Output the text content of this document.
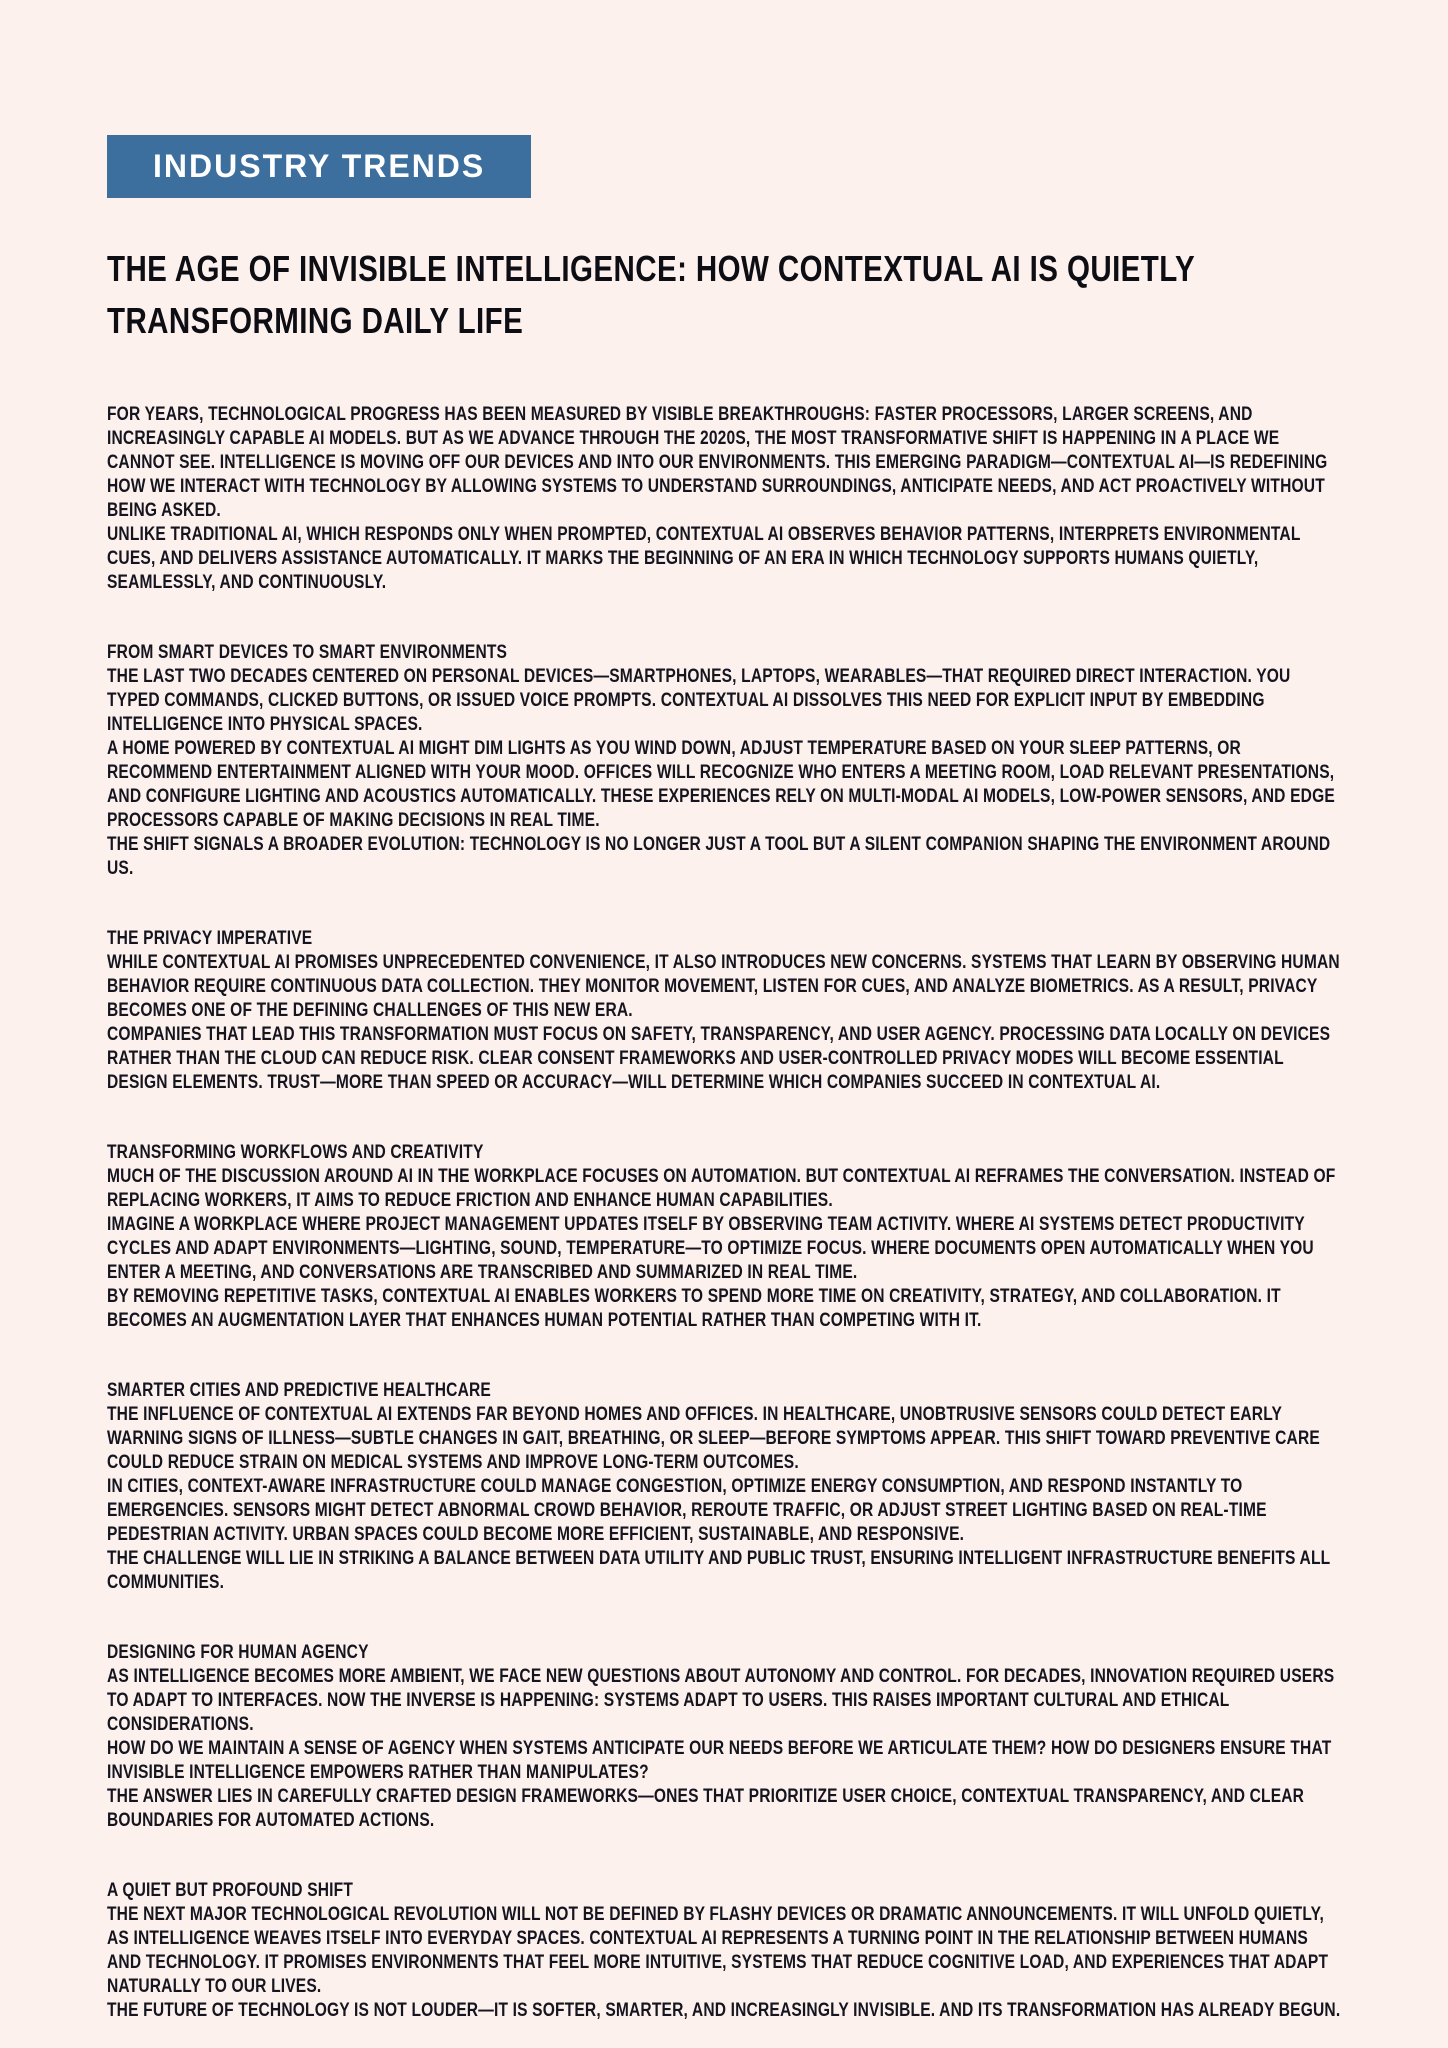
INDUSTRY TRENDS
THE AGE OF INVISIBLE INTELLIGENCE: HOW CONTEXTUAL AI IS QUIETLY TRANSFORMING DAILY LIFE

FOR YEARS, TECHNOLOGICAL PROGRESS HAS BEEN MEASURED BY VISIBLE BREAKTHROUGHS: FASTER PROCESSORS, LARGER SCREENS, AND INCREASINGLY CAPABLE AI MODELS. BUT AS WE ADVANCE THROUGH THE 2020S, THE MOST TRANSFORMATIVE SHIFT IS HAPPENING IN A PLACE WE CANNOT SEE. INTELLIGENCE IS MOVING OFF OUR DEVICES AND INTO OUR ENVIRONMENTS. THIS EMERGING PARADIGM—CONTEXTUAL AI—IS REDEFINING HOW WE INTERACT WITH TECHNOLOGY BY ALLOWING SYSTEMS TO UNDERSTAND SURROUNDINGS, ANTICIPATE NEEDS, AND ACT PROACTIVELY WITHOUT BEING ASKED.

UNLIKE TRADITIONAL AI, WHICH RESPONDS ONLY WHEN PROMPTED, CONTEXTUAL AI OBSERVES BEHAVIOR PATTERNS, INTERPRETS ENVIRONMENTAL CUES, AND DELIVERS ASSISTANCE AUTOMATICALLY. IT MARKS THE BEGINNING OF AN ERA IN WHICH TECHNOLOGY SUPPORTS HUMANS QUIETLY, SEAMLESSLY, AND CONTINUOUSLY.

FROM SMART DEVICES TO SMART ENVIRONMENTS

THE LAST TWO DECADES CENTERED ON PERSONAL DEVICES—SMARTPHONES, LAPTOPS, WEARABLES—THAT REQUIRED DIRECT INTERACTION. YOU TYPED COMMANDS, CLICKED BUTTONS, OR ISSUED VOICE PROMPTS. CONTEXTUAL AI DISSOLVES THIS NEED FOR EXPLICIT INPUT BY EMBEDDING INTELLIGENCE INTO PHYSICAL SPACES.

A HOME POWERED BY CONTEXTUAL AI MIGHT DIM LIGHTS AS YOU WIND DOWN, ADJUST TEMPERATURE BASED ON YOUR SLEEP PATTERNS, OR RECOMMEND ENTERTAINMENT ALIGNED WITH YOUR MOOD. OFFICES WILL RECOGNIZE WHO ENTERS A MEETING ROOM, LOAD RELEVANT PRESENTATIONS, AND CONFIGURE LIGHTING AND ACOUSTICS AUTOMATICALLY. THESE EXPERIENCES RELY ON MULTI-MODAL AI MODELS, LOW-POWER SENSORS, AND EDGE PROCESSORS CAPABLE OF MAKING DECISIONS IN REAL TIME.

THE SHIFT SIGNALS A BROADER EVOLUTION: TECHNOLOGY IS NO LONGER JUST A TOOL BUT A SILENT COMPANION SHAPING THE ENVIRONMENT AROUND US.

THE PRIVACY IMPERATIVE

WHILE CONTEXTUAL AI PROMISES UNPRECEDENTED CONVENIENCE, IT ALSO INTRODUCES NEW CONCERNS. SYSTEMS THAT LEARN BY OBSERVING HUMAN BEHAVIOR REQUIRE CONTINUOUS DATA COLLECTION. THEY MONITOR MOVEMENT, LISTEN FOR CUES, AND ANALYZE BIOMETRICS. AS A RESULT, PRIVACY BECOMES ONE OF THE DEFINING CHALLENGES OF THIS NEW ERA.

COMPANIES THAT LEAD THIS TRANSFORMATION MUST FOCUS ON SAFETY, TRANSPARENCY, AND USER AGENCY. PROCESSING DATA LOCALLY ON DEVICES RATHER THAN THE CLOUD CAN REDUCE RISK. CLEAR CONSENT FRAMEWORKS AND USER-CONTROLLED PRIVACY MODES WILL BECOME ESSENTIAL DESIGN ELEMENTS. TRUST—MORE THAN SPEED OR ACCURACY—WILL DETERMINE WHICH COMPANIES SUCCEED IN CONTEXTUAL AI.

TRANSFORMING WORKFLOWS AND CREATIVITY

MUCH OF THE DISCUSSION AROUND AI IN THE WORKPLACE FOCUSES ON AUTOMATION. BUT CONTEXTUAL AI REFRAMES THE CONVERSATION. INSTEAD OF REPLACING WORKERS, IT AIMS TO REDUCE FRICTION AND ENHANCE HUMAN CAPABILITIES.

IMAGINE A WORKPLACE WHERE PROJECT MANAGEMENT UPDATES ITSELF BY OBSERVING TEAM ACTIVITY. WHERE AI SYSTEMS DETECT PRODUCTIVITY CYCLES AND ADAPT ENVIRONMENTS—LIGHTING, SOUND, TEMPERATURE—TO OPTIMIZE FOCUS. WHERE DOCUMENTS OPEN AUTOMATICALLY WHEN YOU ENTER A MEETING, AND CONVERSATIONS ARE TRANSCRIBED AND SUMMARIZED IN REAL TIME.

BY REMOVING REPETITIVE TASKS, CONTEXTUAL AI ENABLES WORKERS TO SPEND MORE TIME ON CREATIVITY, STRATEGY, AND COLLABORATION. IT BECOMES AN AUGMENTATION LAYER THAT ENHANCES HUMAN POTENTIAL RATHER THAN COMPETING WITH IT.

SMARTER CITIES AND PREDICTIVE HEALTHCARE

THE INFLUENCE OF CONTEXTUAL AI EXTENDS FAR BEYOND HOMES AND OFFICES. IN HEALTHCARE, UNOBTRUSIVE SENSORS COULD DETECT EARLY WARNING SIGNS OF ILLNESS—SUBTLE CHANGES IN GAIT, BREATHING, OR SLEEP—BEFORE SYMPTOMS APPEAR. THIS SHIFT TOWARD PREVENTIVE CARE COULD REDUCE STRAIN ON MEDICAL SYSTEMS AND IMPROVE LONG-TERM OUTCOMES.

IN CITIES, CONTEXT-AWARE INFRASTRUCTURE COULD MANAGE CONGESTION, OPTIMIZE ENERGY CONSUMPTION, AND RESPOND INSTANTLY TO EMERGENCIES. SENSORS MIGHT DETECT ABNORMAL CROWD BEHAVIOR, REROUTE TRAFFIC, OR ADJUST STREET LIGHTING BASED ON REAL-TIME PEDESTRIAN ACTIVITY. URBAN SPACES COULD BECOME MORE EFFICIENT, SUSTAINABLE, AND RESPONSIVE.

THE CHALLENGE WILL LIE IN STRIKING A BALANCE BETWEEN DATA UTILITY AND PUBLIC TRUST, ENSURING INTELLIGENT INFRASTRUCTURE BENEFITS ALL COMMUNITIES.

DESIGNING FOR HUMAN AGENCY

AS INTELLIGENCE BECOMES MORE AMBIENT, WE FACE NEW QUESTIONS ABOUT AUTONOMY AND CONTROL. FOR DECADES, INNOVATION REQUIRED USERS TO ADAPT TO INTERFACES. NOW THE INVERSE IS HAPPENING: SYSTEMS ADAPT TO USERS. THIS RAISES IMPORTANT CULTURAL AND ETHICAL CONSIDERATIONS.

HOW DO WE MAINTAIN A SENSE OF AGENCY WHEN SYSTEMS ANTICIPATE OUR NEEDS BEFORE WE ARTICULATE THEM? HOW DO DESIGNERS ENSURE THAT INVISIBLE INTELLIGENCE EMPOWERS RATHER THAN MANIPULATES?

THE ANSWER LIES IN CAREFULLY CRAFTED DESIGN FRAMEWORKS—ONES THAT PRIORITIZE USER CHOICE, CONTEXTUAL TRANSPARENCY, AND CLEAR BOUNDARIES FOR AUTOMATED ACTIONS.

A QUIET BUT PROFOUND SHIFT

THE NEXT MAJOR TECHNOLOGICAL REVOLUTION WILL NOT BE DEFINED BY FLASHY DEVICES OR DRAMATIC ANNOUNCEMENTS. IT WILL UNFOLD QUIETLY, AS INTELLIGENCE WEAVES ITSELF INTO EVERYDAY SPACES. CONTEXTUAL AI REPRESENTS A TURNING POINT IN THE RELATIONSHIP BETWEEN HUMANS AND TECHNOLOGY. IT PROMISES ENVIRONMENTS THAT FEEL MORE INTUITIVE, SYSTEMS THAT REDUCE COGNITIVE LOAD, AND EXPERIENCES THAT ADAPT NATURALLY TO OUR LIVES.

THE FUTURE OF TECHNOLOGY IS NOT LOUDER—IT IS SOFTER, SMARTER, AND INCREASINGLY INVISIBLE. AND ITS TRANSFORMATION HAS ALREADY BEGUN.
